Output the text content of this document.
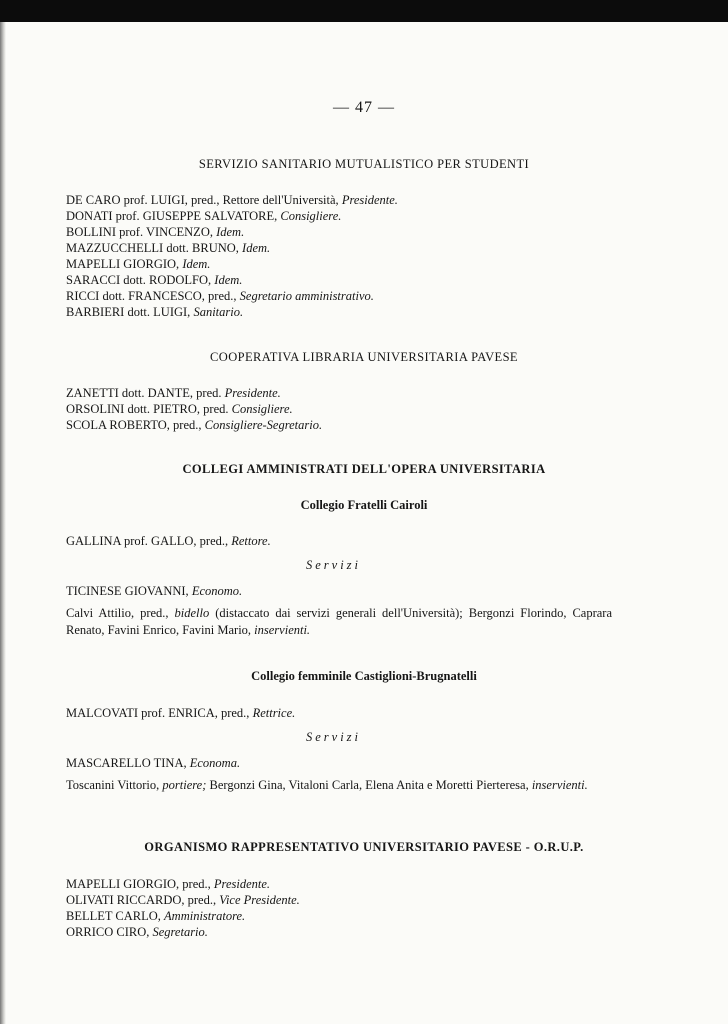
— 47 —
SERVIZIO SANITARIO MUTUALISTICO PER STUDENTI
DE CARO prof. LUIGI, pred., Rettore dell'Università, Presidente.
DONATI prof. GIUSEPPE SALVATORE, Consigliere.
BOLLINI prof. VINCENZO, Idem.
MAZZUCCHELLI dott. BRUNO, Idem.
MAPELLI GIORGIO, Idem.
SARACCI dott. RODOLFO, Idem.
RICCI dott. FRANCESCO, pred., Segretario amministrativo.
BARBIERI dott. LUIGI, Sanitario.
COOPERATIVA LIBRARIA UNIVERSITARIA PAVESE
ZANETTI dott. DANTE, pred. Presidente.
ORSOLINI dott. PIETRO, pred. Consigliere.
SCOLA ROBERTO, pred., Consigliere-Segretario.
COLLEGI AMMINISTRATI DELL'OPERA UNIVERSITARIA
Collegio Fratelli Cairoli
GALLINA prof. GALLO, pred., Rettore.
Servizi
TICINESE GIOVANNI, Economo.
Calvi Attilio, pred., bidello (distaccato dai servizi generali dell'Università); Bergonzi Florindo, Caprara Renato, Favini Enrico, Favini Mario, inservienti.
Collegio femminile Castiglioni-Brugnatelli
MALCOVATI prof. ENRICA, pred., Rettrice.
Servizi
MASCARELLO TINA, Economa.
Toscanini Vittorio, portiere; Bergonzi Gina, Vitaloni Carla, Elena Anita e Moretti Pierteresa, inservienti.
ORGANISMO RAPPRESENTATIVO UNIVERSITARIO PAVESE - O.R.U.P.
MAPELLI GIORGIO, pred., Presidente.
OLIVATI RICCARDO, pred., Vice Presidente.
BELLET CARLO, Amministratore.
ORRICO CIRO, Segretario.
